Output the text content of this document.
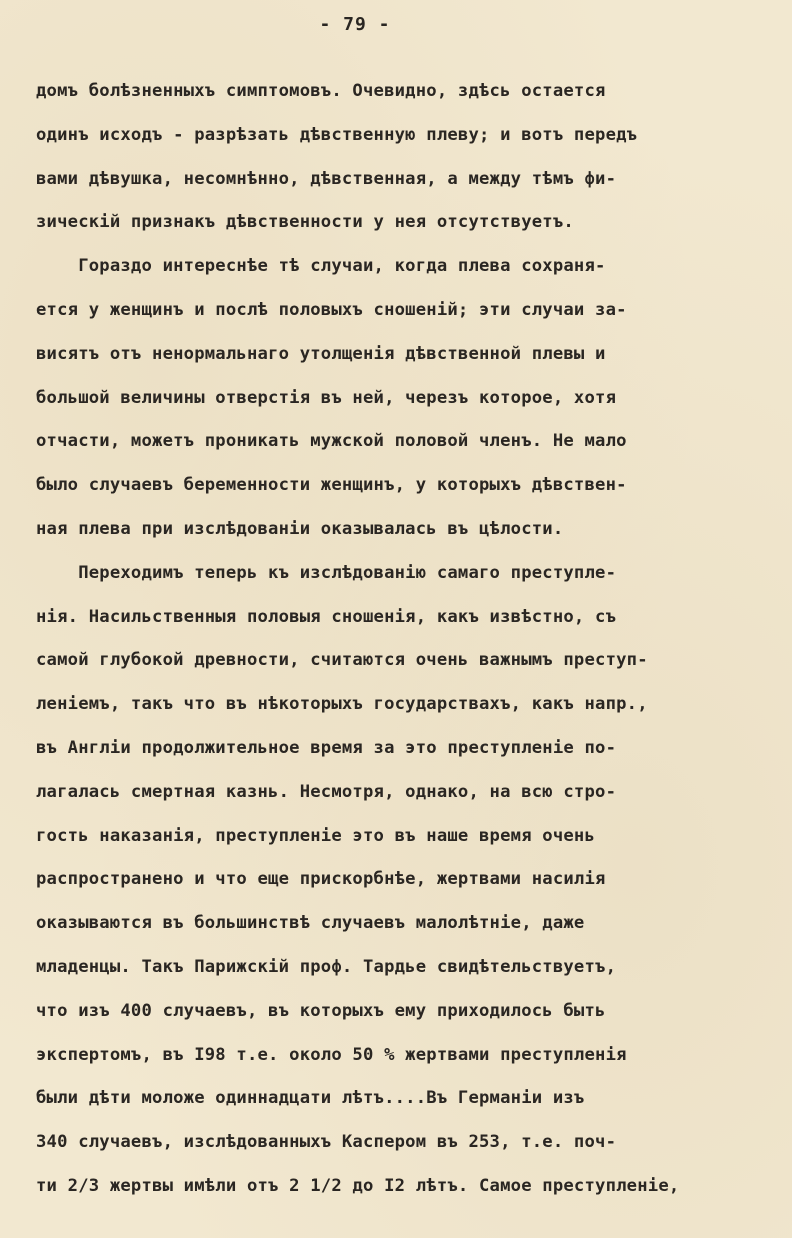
- 79 -
домъ болѣзненныхъ симптомовъ. Очевидно, здѣсь остается
одинъ исходъ - разрѣзать дѣвственную плеву; и вотъ передъ
вами дѣвушка, несомнѣнно, дѣвственная, а между тѣмъ фи-
зическій признакъ дѣвственности у нея отсутствуетъ.
Гораздо интереснѣе тѣ случаи, когда плева сохраня-
ется у женщинъ и послѣ половыхъ сношеній; эти случаи за-
висятъ отъ ненормальнаго утолщенія дѣвственной плевы и
большой величины отверстія въ ней, черезъ которое, хотя
отчасти, можетъ проникать мужской половой членъ. Не мало
было случаевъ беременности женщинъ, у которыхъ дѣвствен-
ная плева при изслѣдованіи оказывалась въ цѣлости.
Переходимъ теперь къ изслѣдованію самаго преступле-
нія. Насильственныя половыя сношенія, какъ извѣстно, съ
самой глубокой древности, считаются очень важнымъ преступ-
леніемъ, такъ что въ нѣкоторыхъ государствахъ, какъ напр.,
въ Англіи продолжительное время за это преступленіе по-
лагалась смертная казнь. Несмотря, однако, на всю стро-
гость наказанія, преступленіе это въ наше время очень
распространено и что еще прискорбнѣе, жертвами насилія
оказываются въ большинствѣ случаевъ малолѣтніе, даже
младенцы. Такъ Парижскій проф. Тардье свидѣтельствуетъ,
что изъ 400 случаевъ, въ которыхъ ему приходилось быть
экспертомъ, въ I98 т.е. около 50 % жертвами преступленія
были дѣти моложе одиннадцати лѣтъ....Въ Германіи изъ
340 случаевъ, изслѣдованныхъ Каспером въ 253, т.е. поч-
ти 2/3 жертвы имѣли отъ 2 1/2 до I2 лѣтъ. Самое преступленіе,
